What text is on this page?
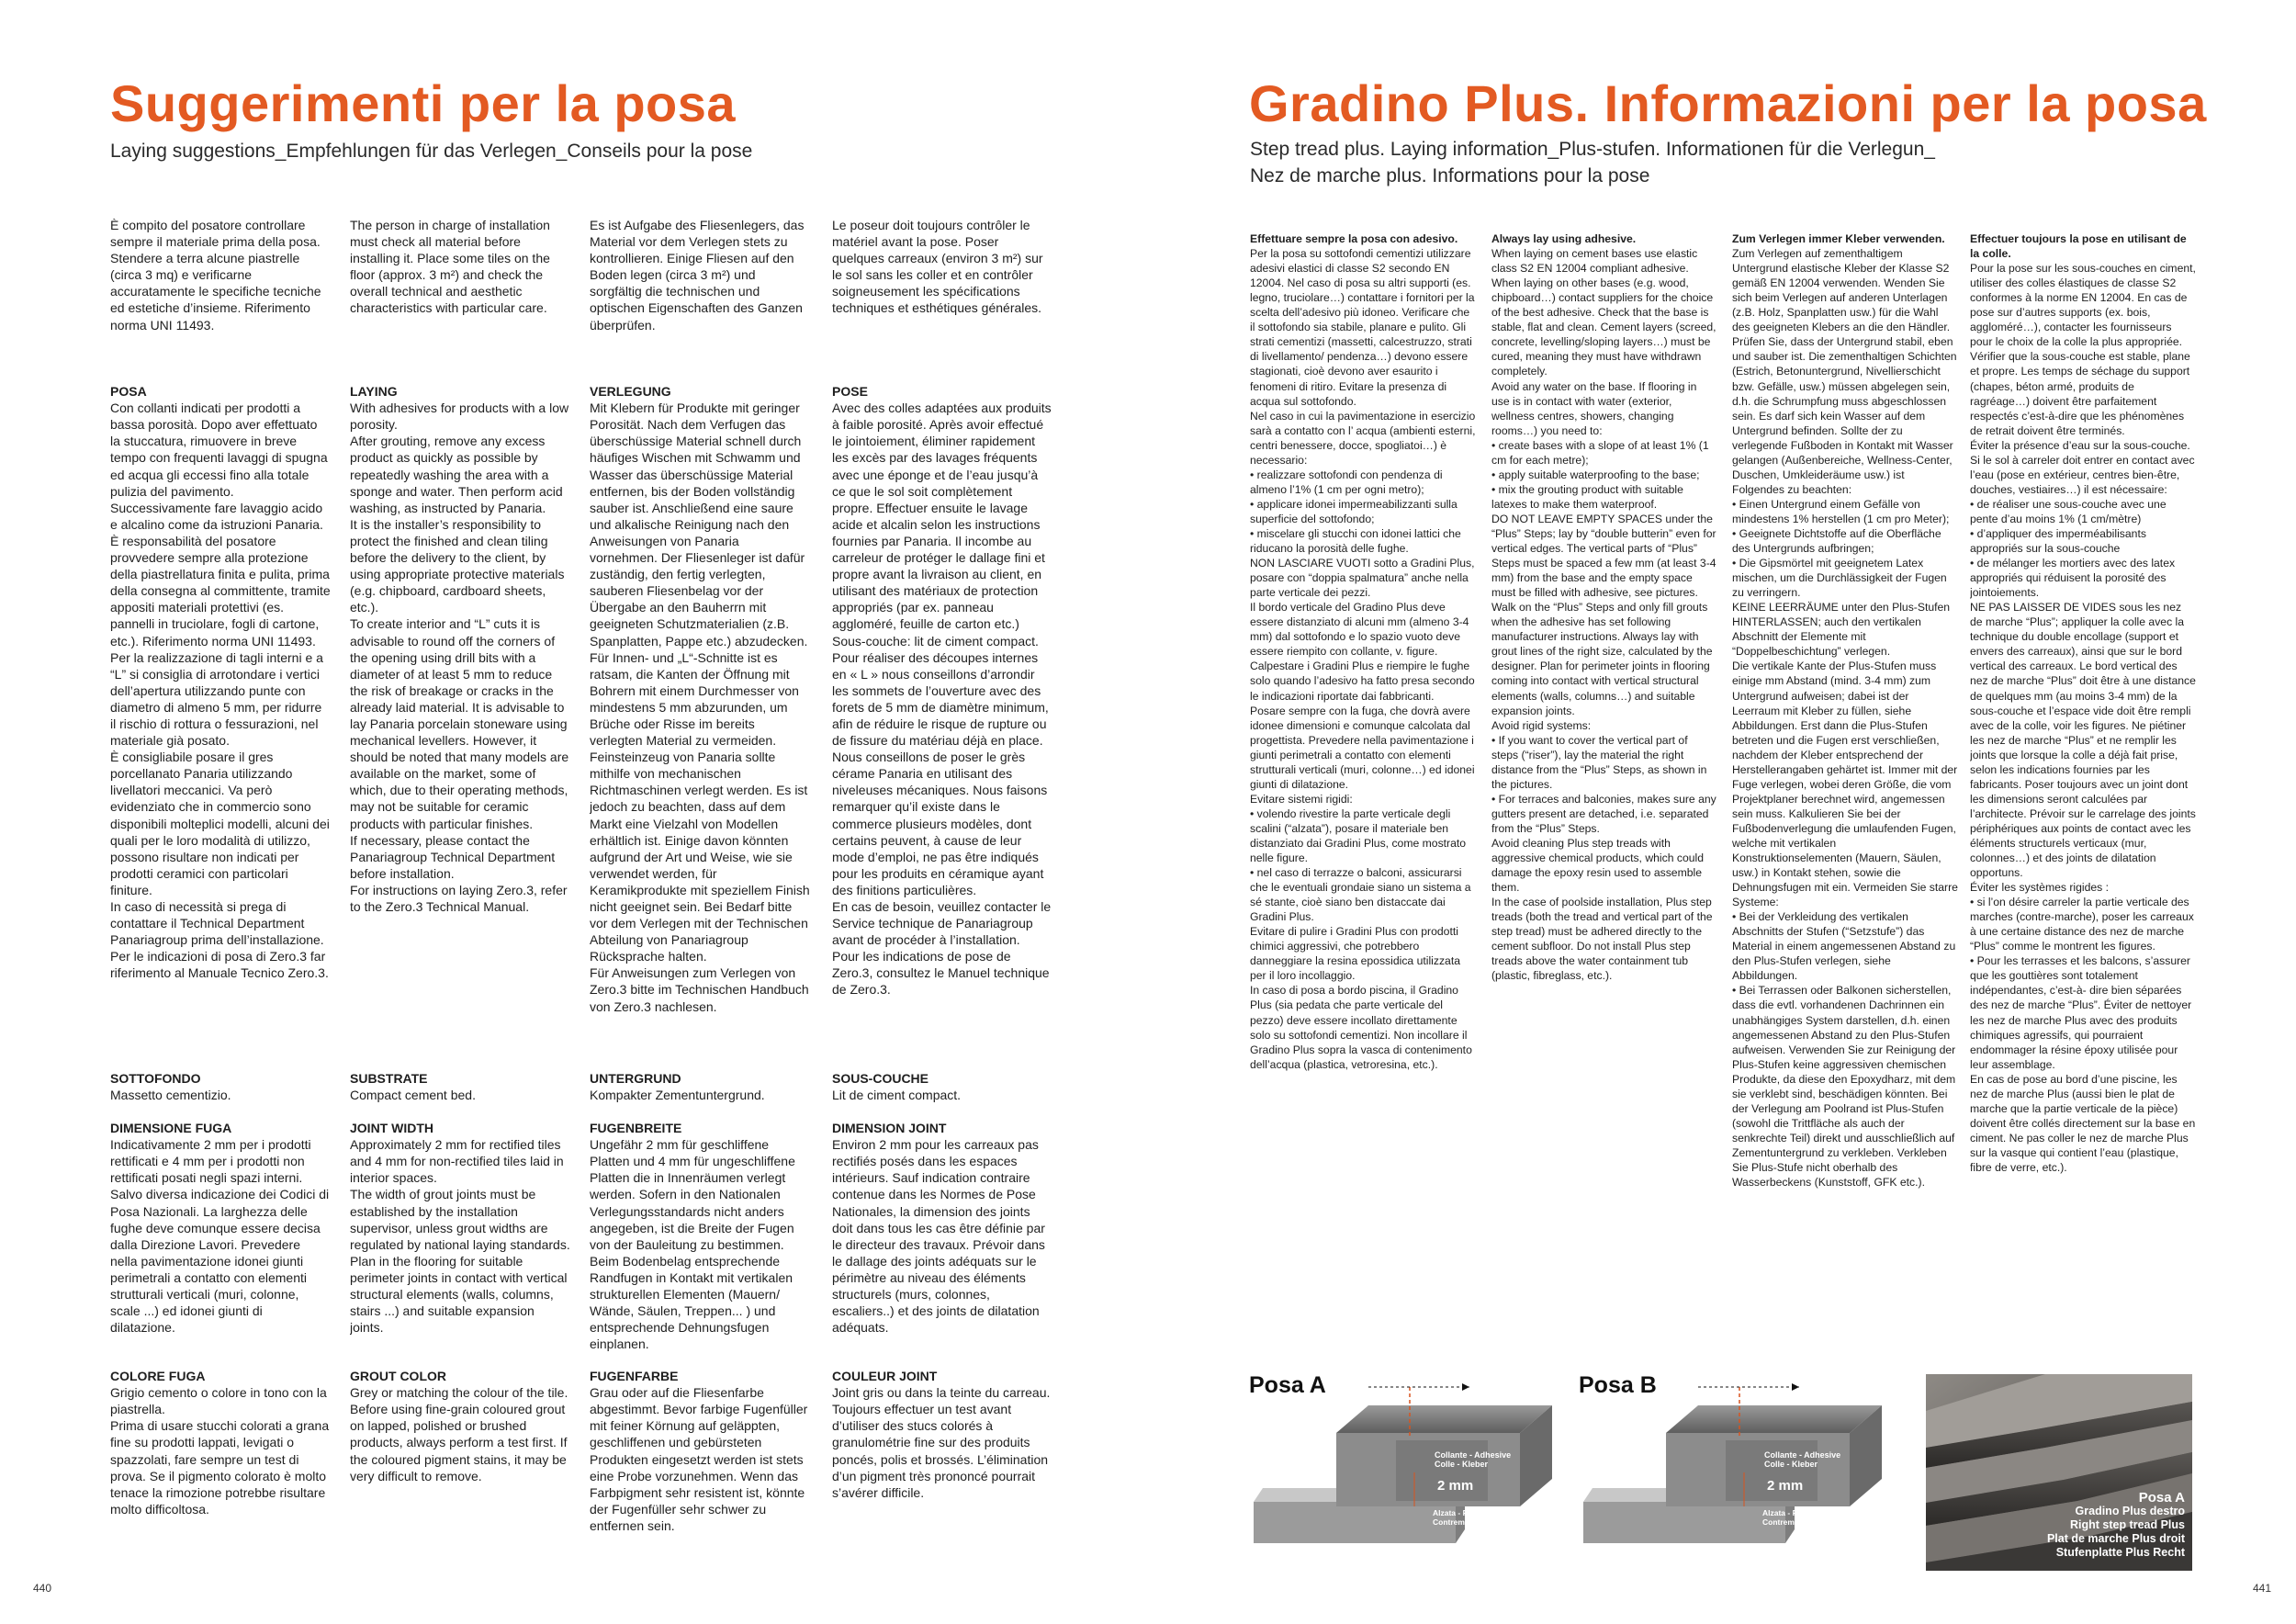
Suggerimenti per la posa
Laying suggestions_Empfehlungen für das Verlegen_Conseils pour la pose
È compito del posatore controllare sempre il materiale prima della posa. Stendere a terra alcune piastrelle (circa 3 mq) e verificarne accuratamente le specifiche tecniche ed estetiche d’insieme. Riferimento norma UNI 11493.

POSA
Con collanti indicati per prodotti a bassa porosità. Dopo aver effettuato la stuccatura, rimuovere in breve tempo con frequenti lavaggi di spugna ed acqua gli eccessi fino alla totale pulizia del pavimento. Successivamente fare lavaggio acido e alcalino come da istruzioni Panaria.
È responsabilità del posatore provvedere sempre alla protezione della piastrellatura finita e pulita, prima della consegna al committente, tramite appositi materiali protettivi (es. pannelli in truciolare, fogli di cartone, etc.). Riferimento norma UNI 11493.
Per la realizzazione di tagli interni e a “L” si consiglia di arrotondare i vertici dell’apertura utilizzando punte con diametro di almeno 5 mm, per ridurre il rischio di rottura o fessurazioni, nel materiale già posato.
È consigliabile posare il gres porcellanato Panaria utilizzando livellatori meccanici. Va però evidenziato che in commercio sono disponibili molteplici modelli, alcuni dei quali per le loro modalità di utilizzo, possono risultare non indicati per prodotti ceramici con particolari finiture.
In caso di necessità si prega di contattare il Technical Department Panariagroup prima dell’installazione.
Per le indicazioni di posa di Zero.3 far riferimento al Manuale Tecnico Zero.3.

SOTTOFONDO
Massetto cementizio.

DIMENSIONE FUGA
Indicativamente 2 mm per i prodotti rettificati e 4 mm per i prodotti non rettificati posati negli spazi interni. Salvo diversa indicazione dei Codici di Posa Nazionali. La larghezza delle fughe deve comunque essere decisa dalla Direzione Lavori. Prevedere nella pavimentazione idonei giunti perimetrali a contatto con elementi strutturali verticali (muri, colonne, scale ...) ed idonei giunti di dilatazione.

COLORE FUGA
Grigio cemento o colore in tono con la piastrella.
Prima di usare stucchi colorati a grana fine su prodotti lappati, levigati o spazzolati, fare sempre un test di prova. Se il pigmento colorato è molto tenace la rimozione potrebbe risultare molto difficoltosa.

The person in charge of installation must check all material before installing it. Place some tiles on the floor (approx. 3 m²) and check the overall technical and aesthetic characteristics with particular care.

LAYING
With adhesives for products with a low porosity.
After grouting, remove any excess product as quickly as possible by repeatedly washing the area with a sponge and water. Then perform acid washing, as instructed by Panaria.
It is the installer’s responsibility to protect the finished and clean tiling before the delivery to the client, by using appropriate protective materials (e.g. chipboard, cardboard sheets, etc.).
To create interior and “L” cuts it is advisable to round off the corners of the opening using drill bits with a diameter of at least 5 mm to reduce the risk of breakage or cracks in the already laid material. It is advisable to lay Panaria porcelain stoneware using mechanical levellers. However, it should be noted that many models are available on the market, some of which, due to their operating methods, may not be suitable for ceramic products with particular finishes.
If necessary, please contact the Panariagroup Technical Department before installation.
For instructions on laying Zero.3, refer to the Zero.3 Technical Manual.

SUBSTRATE
Compact cement bed.

JOINT WIDTH
Approximately 2 mm for rectified tiles and 4 mm for non-rectified tiles laid in interior spaces.
The width of grout joints must be established by the installation supervisor, unless grout widths are regulated by national laying standards. Plan in the flooring for suitable perimeter joints in contact with vertical structural elements (walls, columns, stairs ...) and suitable expansion joints.

GROUT COLOR
Grey or matching the colour of the tile.
Before using fine-grain coloured grout on lapped, polished or brushed products, always perform a test first. If the coloured pigment stains, it may be very difficult to remove.

Es ist Aufgabe des Fliesenlegers, das Material vor dem Verlegen stets zu kontrollieren. Einige Fliesen auf den Boden legen (circa 3 m²) und sorgfältig die technischen und optischen Eigenschaften des Ganzen überprüfen.

VERLEGUNG
Mit Klebern für Produkte mit geringer Porosität. Nach dem Verfugen das überschüssige Material schnell durch häufiges Wischen mit Schwamm und Wasser das überschüssige Material entfernen, bis der Boden vollständig sauber ist. Anschließend eine saure und alkalische Reinigung nach den Anweisungen von Panaria vornehmen. Der Fliesenleger ist dafür zuständig, den fertig verlegten, sauberen Fliesenbelag vor der Übergabe an den Bauherrn mit geeigneten Schutzmaterialien (z.B. Spanplatten, Pappe etc.) abzudecken. Für Innen- und „L“-Schnitte ist es ratsam, die Kanten der Öffnung mit Bohrern mit einem Durchmesser von mindestens 5 mm abzurunden, um Brüche oder Risse im bereits verlegten Material zu vermeiden. Feinsteinzeug von Panaria sollte mithilfe von mechanischen Richtmaschinen verlegt werden. Es ist jedoch zu beachten, dass auf dem Markt eine Vielzahl von Modellen erhältlich ist. Einige davon könnten aufgrund der Art und Weise, wie sie verwendet werden, für Keramikprodukte mit speziellem Finish nicht geeignet sein. Bei Bedarf bitte vor dem Verlegen mit der Technischen Abteilung von Panariagroup Rücksprache halten.
Für Anweisungen zum Verlegen von Zero.3 bitte im Technischen Handbuch von Zero.3 nachlesen.

UNTERGRUND
Kompakter Zementuntergrund.

FUGENBREITE
Ungefähr 2 mm für geschliffene Platten und 4 mm für ungeschliffene Platten die in Innenräumen verlegt werden. Sofern in den Nationalen Verlegungsstandards nicht anders angegeben, ist die Breite der Fugen von der Bauleitung zu bestimmen. Beim Bodenbelag entsprechende Randfugen in Kontakt mit vertikalen strukturellen Elementen (Mauern/ Wände, Säulen, Treppen... ) und entsprechende Dehnungsfugen einplanen.

FUGENFARBE
Grau oder auf die Fliesenfarbe abgestimmt. Bevor farbige Fugenfüller mit feiner Körnung auf geläppten, geschliffenen und gebürsteten Produkten eingesetzt werden ist stets eine Probe vorzunehmen. Wenn das Farbpigment sehr resistent ist, könnte der Fugenfüller sehr schwer zu entfernen sein.

Le poseur doit toujours contrôler le matériel avant la pose. Poser quelques carreaux (environ 3 m²) sur le sol sans les coller et en contrôler soigneusement les spécifications techniques et esthétiques générales.

POSE
Avec des colles adaptées aux produits à faible porosité. Après avoir effectué le jointoiement, éliminer rapidement les excès par des lavages fréquents avec une éponge et de l’eau jusqu’à ce que le sol soit complètement propre. Effectuer ensuite le lavage acide et alcalin selon les instructions fournies par Panaria. Il incombe au carreleur de protéger le dallage fini et propre avant la livraison au client, en utilisant des matériaux de protection appropriés (par ex. panneau aggloméré, feuille de carton etc.) Sous-couche: lit de ciment compact. Pour réaliser des découpes internes en « L » nous conseillons d’arrondir les sommets de l’ouverture avec des forets de 5 mm de diamètre minimum, afin de réduire le risque de rupture ou de fissure du matériau déjà en place. Nous conseillons de poser le grès cérame Panaria en utilisant des niveleuses mécaniques. Nous faisons remarquer qu’il existe dans le commerce plusieurs modèles, dont certains peuvent, à cause de leur mode d’emploi, ne pas être indiqués pour les produits en céramique ayant des finitions particulières.
En cas de besoin, veuillez contacter le Service technique de Panariagroup avant de procéder à l’installation.
Pour les indications de pose de Zero.3, consultez le Manuel technique de Zero.3.

SOUS-COUCHE
Lit de ciment compact.

DIMENSION JOINT
Environ 2 mm pour les carreaux pas rectifiés posés dans les espaces intérieurs. Sauf indication contraire contenue dans les Normes de Pose Nationales, la dimension des joints doit dans tous les cas être définie par le directeur des travaux. Prévoir dans le dallage des joints adéquats sur le périmètre au niveau des éléments structurels (murs, colonnes, escaliers..) et des joints de dilatation adéquats.

COULEUR JOINT
Joint gris ou dans la teinte du carreau.
Toujours effectuer un test avant d’utiliser des stucs colorés à granulométrie fine sur des produits poncés, polis et brossés. L’élimination d’un pigment très prononcé pourrait s’avérer difficile.

440
Gradino Plus. Informazioni per la posa
Step tread plus. Laying information_Plus-stufen. Informationen für die Verlegun_
Nez de marche plus. Informations pour la pose

Effettuare sempre la posa con adesivo.
Per la posa su sottofondi cementizi utilizzare adesivi elastici di classe S2 secondo EN 12004. Nel caso di posa su altri supporti (es. legno, truciolare…) contattare i fornitori per la scelta dell’adesivo più idoneo. Verificare che il sottofondo sia stabile, planare e pulito. Gli strati cementizi (massetti, calcestruzzo, strati di livellamento/ pendenza…) devono essere stagionati, cioè devono aver esaurito i fenomeni di ritiro. Evitare la presenza di acqua sul sottofondo.
Nel caso in cui la pavimentazione in esercizio sarà a contatto con l’ acqua (ambienti esterni, centri benessere, docce, spogliatoi…) è necessario:
• realizzare sottofondi con pendenza di almeno l’1% (1 cm per ogni metro);
• applicare idonei impermeabilizzanti sulla superficie del sottofondo;
• miscelare gli stucchi con idonei lattici che riducano la porosità delle fughe.
NON LASCIARE VUOTI sotto a Gradini Plus, posare con “doppia spalmatura” anche nella parte verticale dei pezzi.
Il bordo verticale del Gradino Plus deve essere distanziato di alcuni mm (almeno 3-4 mm) dal sottofondo e lo spazio vuoto deve essere riempito con collante, v. figure. Calpestare i Gradini Plus e riempire le fughe solo quando l’adesivo ha fatto presa secondo le indicazioni riportate dai fabbricanti.
Posare sempre con la fuga, che dovrà avere idonee dimensioni e comunque calcolata dal progettista. Prevedere nella pavimentazione i giunti perimetrali a contatto con elementi strutturali verticali (muri, colonne…) ed idonei giunti di dilatazione.
Evitare sistemi rigidi:
• volendo rivestire la parte verticale degli scalini (“alzata”), posare il materiale ben distanziato dai Gradini Plus, come mostrato nelle figure.
• nel caso di terrazze o balconi, assicurarsi che le eventuali grondaie siano un sistema a sé stante, cioè siano ben distaccate dai Gradini Plus.
Evitare di pulire i Gradini Plus con prodotti chimici aggressivi, che potrebbero danneggiare la resina epossidica utilizzata per il loro incollaggio.
In caso di posa a bordo piscina, il Gradino Plus (sia pedata che parte verticale del pezzo) deve essere incollato direttamente solo su sottofondi cementizi. Non incollare il Gradino Plus sopra la vasca di contenimento dell’acqua (plastica, vetroresina, etc.).

Always lay using adhesive.
When laying on cement bases use elastic class S2 EN 12004 compliant adhesive. When laying on other bases (e.g. wood, chipboard…) contact suppliers for the choice of the best adhesive. Check that the base is stable, flat and clean. Cement layers (screed, concrete, levelling/sloping layers…) must be cured, meaning they must have withdrawn completely.
Avoid any water on the base. If flooring in use is in contact with water (exterior, wellness centres, showers, changing rooms…) you need to:
• create bases with a slope of at least 1% (1 cm for each metre);
• apply suitable waterproofing to the base;
• mix the grouting product with suitable latexes to make them waterproof.
DO NOT LEAVE EMPTY SPACES under the “Plus” Steps; lay by “double butterin” even for vertical edges. The vertical parts of “Plus” Steps must be spaced a few mm (at least 3-4 mm) from the base and the empty space must be filled with adhesive, see pictures. Walk on the “Plus” Steps and only fill grouts when the adhesive has set following manufacturer instructions. Always lay with grout lines of the right size, calculated by the designer. Plan for perimeter joints in flooring coming into contact with vertical structural elements (walls, columns…) and suitable expansion joints.
Avoid rigid systems:
• If you want to cover the vertical part of steps (“riser”), lay the material the right distance from the “Plus” Steps, as shown in the pictures.
• For terraces and balconies, makes sure any gutters present are detached, i.e. separated from the “Plus” Steps.
Avoid cleaning Plus step treads with aggressive chemical products, which could damage the epoxy resin used to assemble them.
In the case of poolside installation, Plus step treads (both the tread and vertical part of the step tread) must be adhered directly to the cement subfloor. Do not install Plus step treads above the water containment tub (plastic, fibreglass, etc.).

Zum Verlegen immer Kleber verwenden.
Zum Verlegen auf zementhaltigem Untergrund elastische Kleber der Klasse S2 gemäß EN 12004 verwenden. Wenden Sie sich beim Verlegen auf anderen Unterlagen (z.B. Holz, Spanplatten usw.) für die Wahl des geeigneten Klebers an die den Händler. Prüfen Sie, dass der Untergrund stabil, eben und sauber ist. Die zementhaltigen Schichten (Estrich, Betonuntergrund, Nivellierschicht bzw. Gefälle, usw.) müssen abgelegen sein, d.h. die Schrumpfung muss abgeschlossen sein. Es darf sich kein Wasser auf dem Untergrund befinden. Sollte der zu verlegende Fußboden in Kontakt mit Wasser gelangen (Außenbereiche, Wellness-Center, Duschen, Umkleideräume usw.) ist Folgendes zu beachten:
• Einen Untergrund einem Gefälle von mindestens 1% herstellen (1 cm pro Meter);
• Geeignete Dichtstoffe auf die Oberfläche des Untergrunds aufbringen;
• Die Gipsmörtel mit geeignetem Latex mischen, um die Durchlässigkeit der Fugen zu verringern.
KEINE LEERRÄUME unter den Plus-Stufen HINTERLASSEN; auch den vertikalen Abschnitt der Elemente mit “Doppelbeschichtung” verlegen.
Die vertikale Kante der Plus-Stufen muss einige mm Abstand (mind. 3-4 mm) zum Untergrund aufweisen; dabei ist der Leerraum mit Kleber zu füllen, siehe Abbildungen. Erst dann die Plus-Stufen betreten und die Fugen erst verschließen, nachdem der Kleber entsprechend der Herstellerangaben gehärtet ist. Immer mit der Fuge verlegen, wobei deren Größe, die vom Projektplaner berechnet wird, angemessen sein muss. Kalkulieren Sie bei der Fußbodenverlegung die umlaufenden Fugen, welche mit vertikalen Konstruktionselementen (Mauern, Säulen, usw.) in Kontakt stehen, sowie die Dehnungsfugen mit ein. Vermeiden Sie starre Systeme:
• Bei der Verkleidung des vertikalen Abschnitts der Stufen (“Setzstufe”) das Material in einem angemessenen Abstand zu den Plus-Stufen verlegen, siehe Abbildungen.
• Bei Terrassen oder Balkonen sicherstellen, dass die evtl. vorhandenen Dachrinnen ein unabhängiges System darstellen, d.h. einen angemessenen Abstand zu den Plus-Stufen aufweisen. Verwenden Sie zur Reinigung der Plus-Stufen keine aggressiven chemischen Produkte, da diese den Epoxydharz, mit dem sie verklebt sind, beschädigen könnten. Bei der Verlegung am Poolrand ist Plus-Stufen (sowohl die Trittfläche als auch der senkrechte Teil) direkt und ausschließlich auf Zementuntergrund zu verkleben. Verkleben Sie Plus-Stufe nicht oberhalb des Wasserbeckens (Kunststoff, GFK etc.).

Effectuer toujours la pose en utilisant de la colle.
Pour la pose sur les sous-couches en ciment, utiliser des colles élastiques de classe S2 conformes à la norme EN 12004. En cas de pose sur d’autres supports (ex. bois, aggloméré…), contacter les fournisseurs pour le choix de la colle la plus appropriée. Vérifier que la sous-couche est stable, plane et propre. Les temps de séchage du support (chapes, béton armé, produits de ragréage…) doivent être parfaitement respectés c’est-à-dire que les phénomènes de retrait doivent être terminés.
Éviter la présence d’eau sur la sous-couche. Si le sol à carreler doit entrer en contact avec l’eau (pose en extérieur, centres bien-être, douches, vestiaires…) il est nécessaire:
• de réaliser une sous-couche avec une pente d’au moins 1% (1 cm/mètre)
• d’appliquer des imperméabilisants appropriés sur la sous-couche
• de mélanger les mortiers avec des latex appropriés qui réduisent la porosité des jointoiements.
NE PAS LAISSER DE VIDES sous les nez de marche “Plus”; appliquer la colle avec la technique du double encollage (support et envers des carreaux), ainsi que sur le bord vertical des carreaux. Le bord vertical des nez de marche “Plus” doit être à une distance de quelques mm (au moins 3-4 mm) de la sous-couche et l’espace vide doit être rempli avec de la colle, voir les figures. Ne piétiner les nez de marche “Plus” et ne remplir les joints que lorsque la colle a déjà fait prise, selon les indications fournies par les fabricants. Poser toujours avec un joint dont les dimensions seront calculées par l’architecte. Prévoir sur le carrelage des joints périphériques aux points de contact avec les éléments structurels verticaux (mur, colonnes…) et des joints de dilatation opportuns.
Éviter les systèmes rigides :
• si l’on désire carreler la partie verticale des marches (contre-marche), poser les carreaux à une certaine distance des nez de marche “Plus” comme le montrent les figures.
• Pour les terrasses et les balcons, s’assurer que les gouttières sont totalement indépendantes, c’est-à- dire bien séparées des nez de marche “Plus”. Éviter de nettoyer les nez de marche Plus avec des produits chimiques agressifs, qui pourraient endommager la résine époxy utilisée pour leur assemblage.
En cas de pose au bord d’une piscine, les nez de marche Plus (aussi bien le plat de marche que la partie verticale de la pièce) doivent être collés directement sur la base en ciment. Ne pas coller le nez de marche Plus sur la vasque qui contient l’eau (plastique, fibre de verre, etc.).

Posa A
Collante - Adhesive Colle - Kleber
2 mm
Alzata - Rise Contremarche - Stoßfliese
Posa B
Collante - Adhesive Colle - Kleber
2 mm
Alzata - Rise Contremarche - Stoßfliese

Posa A
Gradino Plus destro
Right step tread Plus
Plat de marche Plus droit
Stufenplatte Plus Recht

441
